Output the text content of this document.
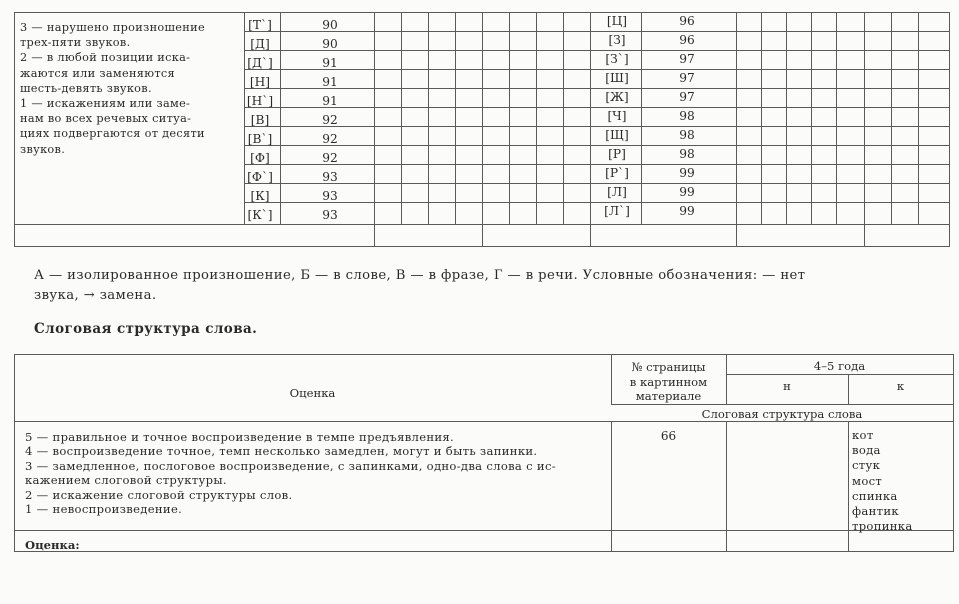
3 — нарушено произношение
трех-пяти звуков.
2 — в любой позиции иска-
жаются или заменяются
шесть-девять звуков.
1 — искажениям или заме-
нам во всех речевых ситуа-
циях подвергаются от десяти
звуков.
[Т`]
[Д]
[Д`]
[Н]
[Н`]
[В]
[В`]
[Ф]
[Ф`]
[К]
[К`]
90
90
91
91
91
92
92
92
93
93
93
[Ц]
[З]
[З`]
[Ш]
[Ж]
[Ч]
[Щ]
[Р]
[Р`]
[Л]
[Л`]
96
96
97
97
97
98
98
98
99
99
99
А — изолированное произношение, Б — в слове, В — в фразе, Г — в речи. Условные обозначения: — нет
звука, → замена.
Слоговая структура слова.
Оценка
№ страницы
в картинном
материале
4–5 года
н	к
Слоговая структура слова
5 — правильное и точное воспроизведение в темпе предъявления.
4 — воспроизведение точное, темп несколько замедлен, могут и быть запинки.
3 — замедленное, послоговое воспроизведение, с запинками, одно-два слова с ис-
кажением слоговой структуры.
2 — искажение слоговой структуры слов.
1 — невоспроизведение.
66	кот
вода
стук
мост
спинка
фантик
тропинка
Оценка:
